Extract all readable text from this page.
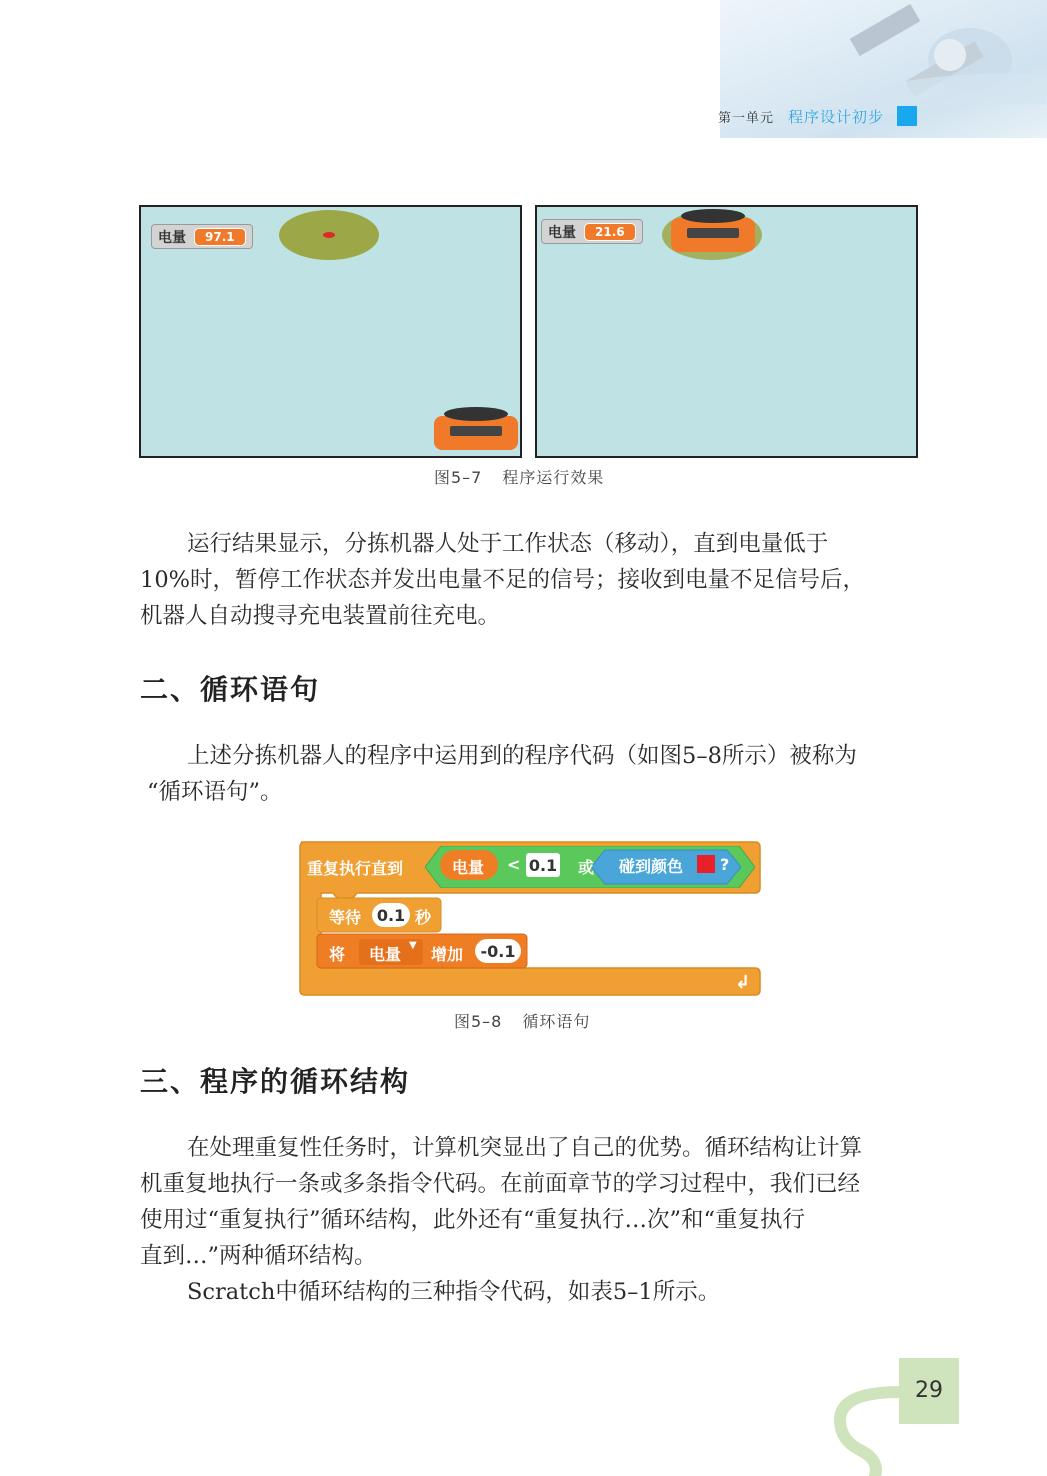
第一单元 程序设计初步
电量	97.1	电量	21.6
图5–7 程序运行效果
运行结果显示，分拣机器人处于工作状态（移动），直到电量低于
10%时，暂停工作状态并发出电量不足的信号；接收到电量不足信号后，
机器人自动搜寻充电装置前往充电。
二、循环语句
上述分拣机器人的程序中运用到的程序代码（如图5–8所示）被称为
“循环语句”。
重复执行直到	电量 < 0.1 或 碰到颜色 ?
等待 0.1 秒
将 电量 ▼ 增加	-0.1
↲
图5–8 循环语句
三、程序的循环结构
在处理重复性任务时，计算机突显出了自己的优势。循环结构让计算
机重复地执行一条或多条指令代码。在前面章节的学习过程中，我们已经
使用过“重复执行”循环结构，此外还有“重复执行…次”和“重复执行
直到…”两种循环结构。
Scratch中循环结构的三种指令代码，如表5–1所示。
29
